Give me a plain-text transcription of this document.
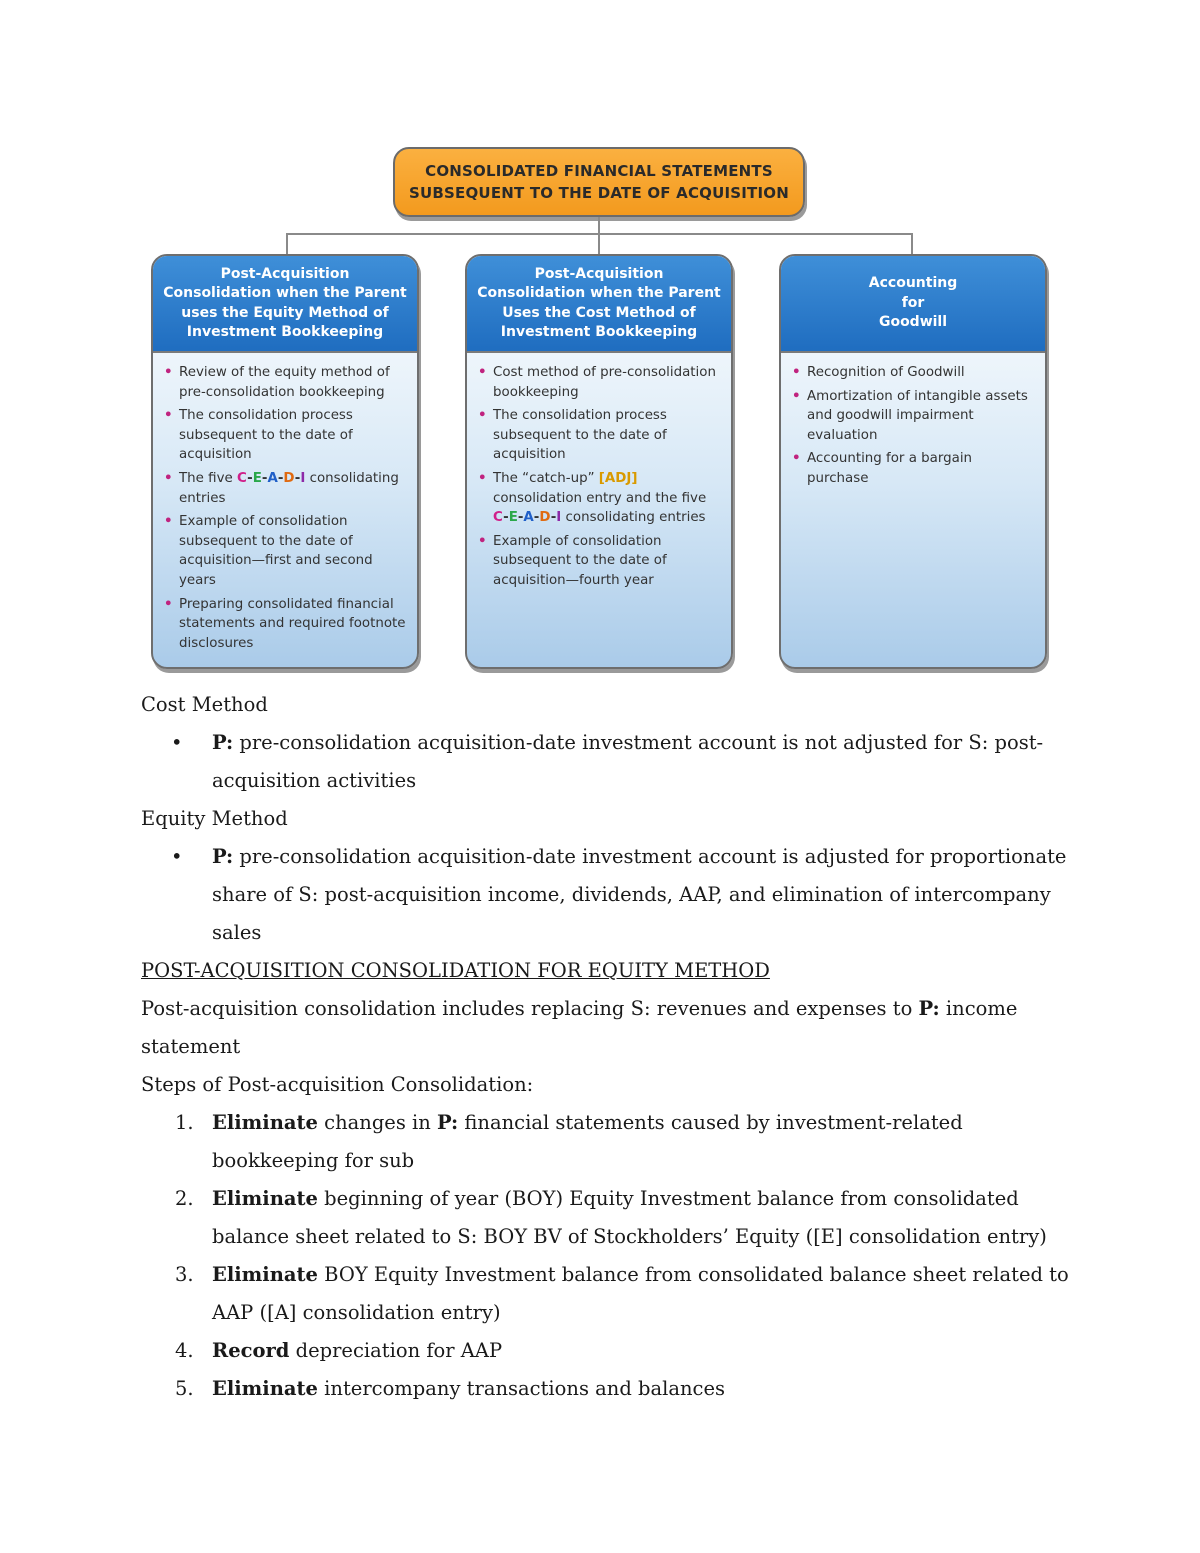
CONSOLIDATED FINANCIAL STATEMENTS
SUBSEQUENT TO THE DATE OF ACQUISITION
Post-Acquisition
Consolidation when the Parent
uses the Equity Method of
Investment Bookkeeping
• Review of the equity method of pre-consolidation bookkeeping
• The consolidation process subsequent to the date of acquisition
• The five C-E-A-D-I consolidating entries
• Example of consolidation subsequent to the date of acquisition—first and second years
• Preparing consolidated financial statements and required footnote disclosures
Post-Acquisition
Consolidation when the Parent
Uses the Cost Method of
Investment Bookkeeping
• Cost method of pre-consolidation bookkeeping
• The consolidation process subsequent to the date of acquisition
• The “catch-up” [ADJ] consolidation entry and the five C-E-A-D-I consolidating entries
• Example of consolidation subsequent to the date of acquisition—fourth year
Accounting
for
Goodwill
• Recognition of Goodwill
• Amortization of intangible assets and goodwill impairment evaluation
• Accounting for a bargain purchase

Cost Method

• P: pre-consolidation acquisition-date investment account is not adjusted for S: post-acquisition activities

Equity Method

• P: pre-consolidation acquisition-date investment account is adjusted for proportionate share of S: post-acquisition income, dividends, AAP, and elimination of intercompany sales

POST-ACQUISITION CONSOLIDATION FOR EQUITY METHOD

Post-acquisition consolidation includes replacing S: revenues and expenses to P: income statement

Steps of Post-acquisition Consolidation:

1. Eliminate changes in P: financial statements caused by investment-related bookkeeping for sub

2. Eliminate beginning of year (BOY) Equity Investment balance from consolidated balance sheet related to S: BOY BV of Stockholders’ Equity ([E] consolidation entry)

3. Eliminate BOY Equity Investment balance from consolidated balance sheet related to AAP ([A] consolidation entry)

4. Record depreciation for AAP

5. Eliminate intercompany transactions and balances
